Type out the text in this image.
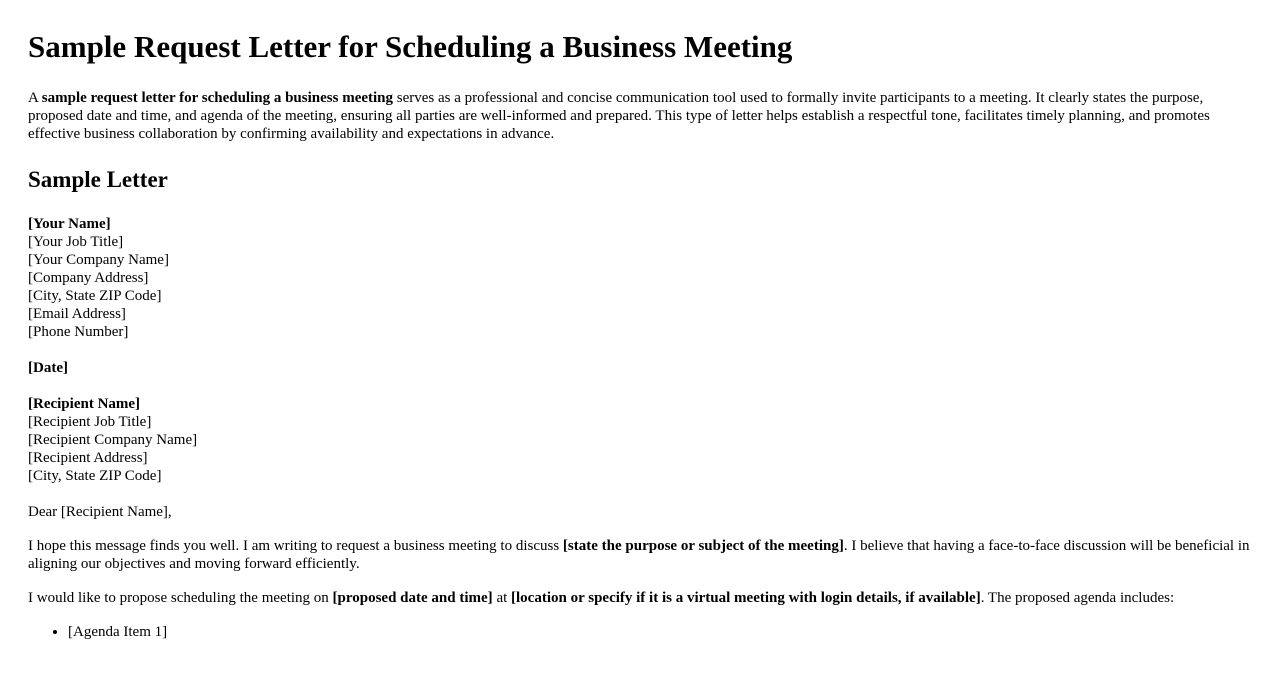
Sample Request Letter for Scheduling a Business Meeting

A sample request letter for scheduling a business meeting serves as a professional and concise communication tool used to formally invite participants to a meeting. It clearly states the purpose, proposed date and time, and agenda of the meeting, ensuring all parties are well-informed and prepared. This type of letter helps establish a respectful tone, facilitates timely planning, and promotes effective business collaboration by confirming availability and expectations in advance.

Sample Letter
[Your Name]
[Your Job Title]
[Your Company Name]
[Company Address]
[City, State ZIP Code]
[Email Address]
[Phone Number]
[Date]
[Recipient Name]
[Recipient Job Title]
[Recipient Company Name]
[Recipient Address]
[City, State ZIP Code]
Dear [Recipient Name],

I hope this message finds you well. I am writing to request a business meeting to discuss [state the purpose or subject of the meeting]. I believe that having a face-to-face discussion will be beneficial in aligning our objectives and moving forward efficiently.

I would like to propose scheduling the meeting on [proposed date and time] at [location or specify if it is a virtual meeting with login details, if available]. The proposed agenda includes:

• [Agenda Item 1]
